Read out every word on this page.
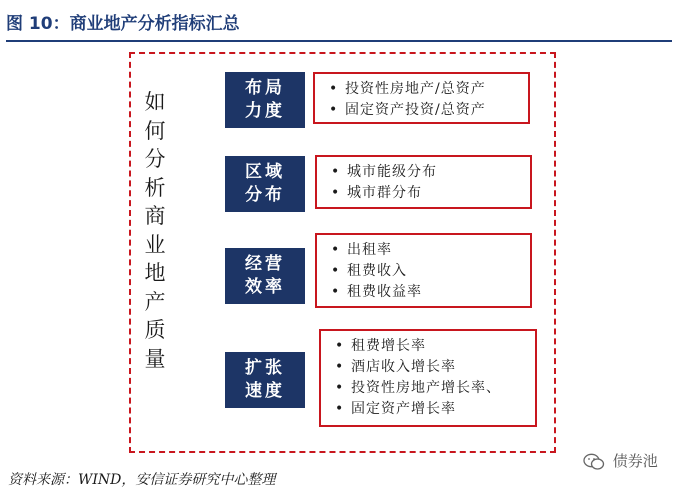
图 10：商业地产分析指标汇总
如
何
分
析
商
业
地
产
质
量
布局
力度
• 投资性房地产/总资产
• 固定资产投资/总资产
区域
分布
• 城市能级分布
• 城市群分布
经营
效率
• 出租率
• 租费收入
• 租费收益率
扩张
速度
• 租费增长率
• 酒店收入增长率
• 投资性房地产增长率、
• 固定资产增长率
资料来源：WIND，安信证券研究中心整理
债券池
